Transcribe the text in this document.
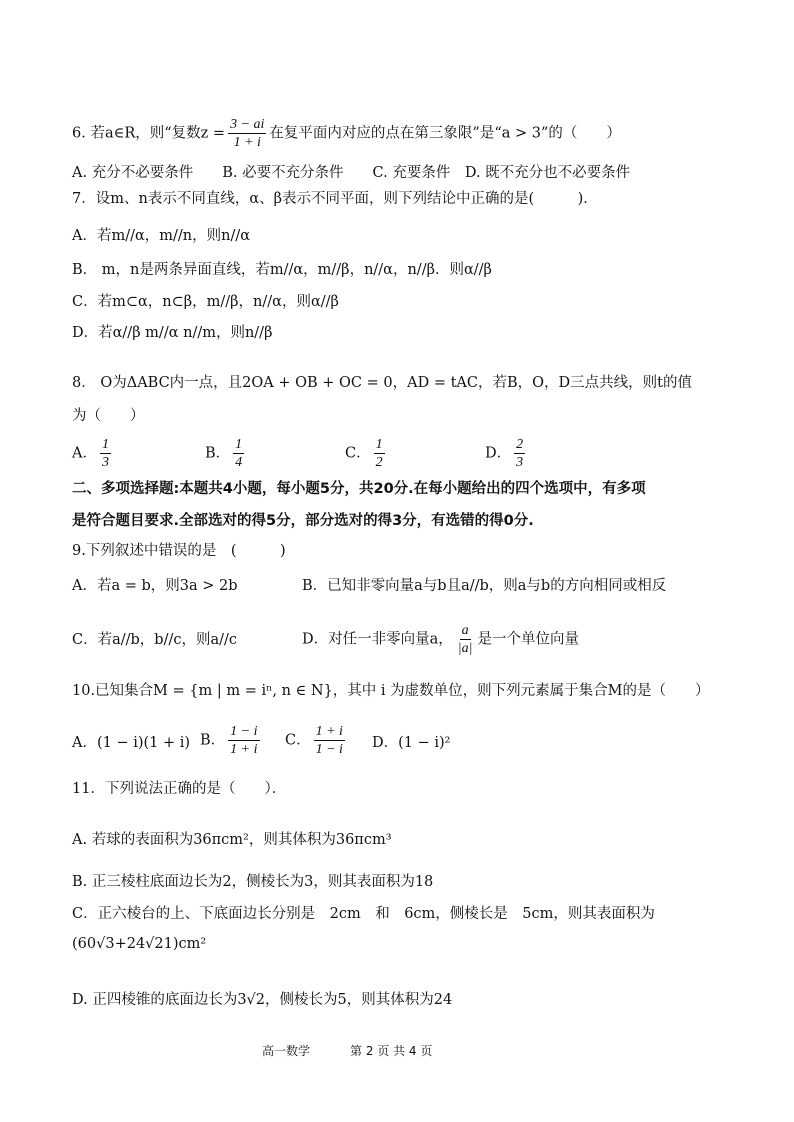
6. 若a∈R，则“复数$z = \frac{3 - ai}{1 + i}$ 在复平面内对应的点在第三象限”是“a > 3”的（　　）
A. 充分不必要条件　　B. 必要不充分条件　　C. 充要条件　D. 既不充分也不必要条件
7．设m、n表示不同直线，α、β表示不同平面，则下列结论中正确的是(　　　)．
A．若m//α，m//n，则n//α
B． m，n是两条异面直线，若m//α，m//β，n//α，n//β．则α//β
C．若m⊂α，n⊂β，m//β，n//α，则α//β
D．若α//β m//α n//m，则n//β
8． O为ΔABC内一点，且2OA + OB + OC = 0，AD = tAC，若B，O，D三点共线，则t的值
为（　　）
A． $\frac{1}{3}$	B． $\frac{1}{4}$	C． $\frac{1}{2}$	D． $\frac{2}{3}$
二、多项选择题:本题共4小题，每小题5分，共20分.在每小题给出的四个选项中，有多项
是符合题目要求.全部选对的得5分，部分选对的得3分，有选错的得0分.
9.下列叙述中错误的是　(　　　)
A．若a = b，则3a > 2b	B．已知非零向量a与b且a//b，则a与b的方向相同或相反
C．若a//b，b//c，则a//c	D．对任一非零向量a， $\frac{a}{|a|}$ 是一个单位向量
10.已知集合M = {m | m = iⁿ, n ∈ N}，其中 i 为虚数单位，则下列元素属于集合M的是（　　）
A．(1 − i)(1 + i) B． $\frac{1 - i}{1 + i}$ C． $\frac{1 + i}{1 - i}$ D．(1 − i)²
11．下列说法正确的是（　　）．
A. 若球的表面积为36πcm²，则其体积为36πcm³
B. 正三棱柱底面边长为2，侧棱长为3，则其表面积为18
C．正六棱台的上、下底面边长分别是　2cm　和　6cm，侧棱长是　5cm，则其表面积为
(60√3+24√21)cm²
D. 正四棱锥的底面边长为3√2，侧棱长为5，则其体积为24
高一数学	第 2 页 共 4 页
